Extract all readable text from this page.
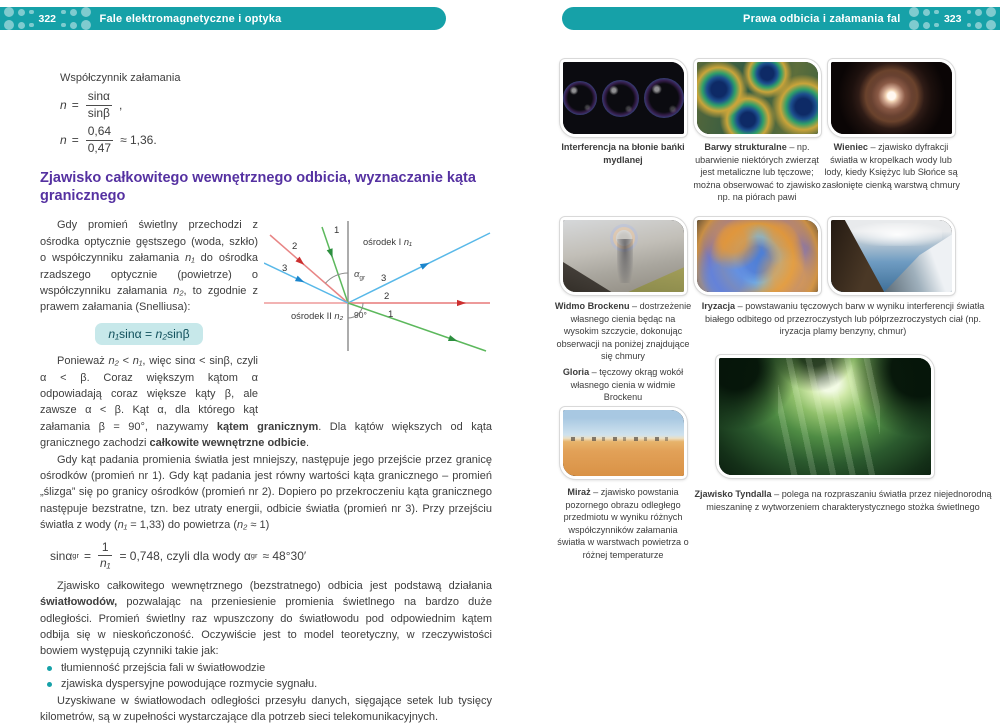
322	Fale elektromagnetyczne i optyka	Prawa odbicia i załamania fal	323

Współczynnik załamania

$n = \frac{\sin\alpha}{\sin\beta}$ ,
$n = \frac{0,64}{0,47} \approx 1,36$.
Zjawisko całkowitego wewnętrznego odbicia, wyznaczanie kąta granicznego
1
2
3
3
2
1
$\alpha_{gr}$
90°
ośrodek I n₁
ośrodek II n₂

Gdy promień świetlny przechodzi z ośrodka optycznie gęstszego (woda, szkło) o współczynniku załamania n₁ do ośrodka rzadszego optycznie (powietrze) o współczynniku załamania n₂, to zgodnie z prawem załamania (Snelliusa):

n₁sinα = n₂sinβ

Ponieważ n₂ < n₁, więc sinα < sinβ, czyli α < β. Coraz większym kątom α odpowiadają coraz większe kąty β, ale zawsze α < β. Kąt α, dla którego kąt załamania β = 90°, nazywamy kątem granicznym. Dla kątów większych od kąta granicznego zachodzi całkowite wewnętrzne odbicie.

Gdy kąt padania promienia światła jest mniejszy, następuje jego przejście przez granicę ośrodków (promień nr 1). Gdy kąt padania jest równy wartości kąta granicznego – promień „ślizga” się po granicy ośrodków (promień nr 2). Dopiero po przekroczeniu kąta granicznego następuje bezstratne, tzn. bez utraty energii, odbicie światła (promień nr 3). Przy przejściu światła z wody (n₁ = 1,33) do powietrza (n₂ ≈ 1)

sinα gr = $\frac{1}{\text{n₁}} = 0,748$, czyli dla wody α gr ≈ 48°30′

Zjawisko całkowitego wewnętrznego (bezstratnego) odbicia jest podstawą działania światłowodów, pozwalając na przeniesienie promienia świetlnego na bardzo duże odległości. Promień świetlny raz wpuszczony do światłowodu pod odpowiednim kątem odbija się w nieskończoność. Oczywiście jest to model teoretyczny, w rzeczywistości bowiem występują czynniki takie jak:

tłumienność przejścia fali w światłowodzie
zjawiska dyspersyjne powodujące rozmycie sygnału.

Uzyskiwane w światłowodach odległości przesyłu danych, sięgające setek lub tysięcy kilometrów, są w zupełności wystarczające dla potrzeb sieci telekomunikacyjnych.

Interferencja na błonie bańki mydlanej
Barwy strukturalne – np. ubarwienie niektórych zwierząt jest metaliczne lub tęczowe; można obserwować to zjawisko np. na piórach pawi
Wieniec – zjawisko dyfrakcji światła w kropelkach wody lub lody, kiedy Księżyc lub Słońce są zasłonięte cienką warstwą chmury
Widmo Brockenu – dostrzeżenie własnego cienia będąc na wysokim szczycie, dokonując obserwacji na poniżej znajdujące się chmury
Gloria – tęczowy okrąg wokół własnego cienia w widmie Brockenu
Iryzacja – powstawaniu tęczowych barw w wyniku interferencji światła białego odbitego od przezroczystych lub półprzezroczystych ciał (np. iryzacja plamy benzyny, chmur)
Miraż – zjawisko powstania pozornego obrazu odległego przedmiotu w wyniku różnych współczynników załamania światła w warstwach powietrza o różnej temperaturze
Zjawisko Tyndalla – polega na rozpraszaniu światła przez niejednorodną mieszaninę z wytworzeniem charakterystycznego stożka świetlnego
